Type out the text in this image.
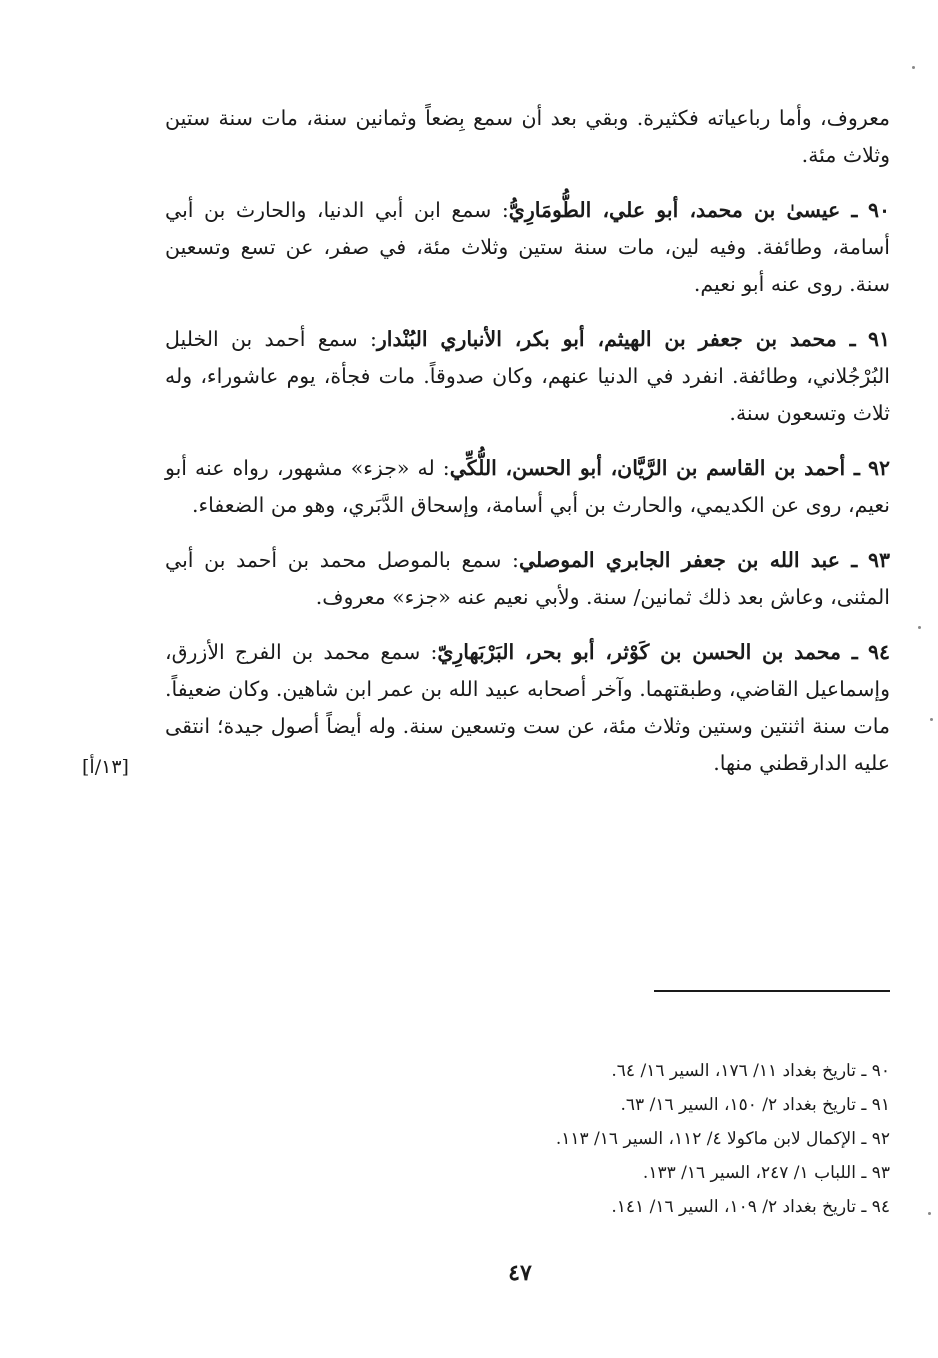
معروف، وأما رباعياته فكثيرة. وبقي بعد أن سمع بِضعاً وثمانين سنة، مات سنة ستين وثلاث مئة.

٩٠ ـ عيسىٰ بن محمد، أبو علي، الطُّومَارِيُّ: سمع ابن أبي الدنيا، والحارث بن أبي أسامة، وطائفة. وفيه لين، مات سنة ستين وثلاث مئة، في صفر، عن تسع وتسعين سنة. روى عنه أبو نعيم.

٩١ ـ محمد بن جعفر بن الهيثم، أبو بكر، الأنباري البُنْدار: سمع أحمد بن الخليل البُرْجُلاني، وطائفة. انفرد في الدنيا عنهم، وكان صدوقاً. مات فجأة، يوم عاشوراء، وله ثلاث وتسعون سنة.

٩٢ ـ أحمد بن القاسم بن الرَّيَّان، أبو الحسن، اللُّكِّي: له «جزء» مشهور، رواه عنه أبو نعيم، روى عن الكديمي، والحارث بن أبي أسامة، وإسحاق الدَّبَري، وهو من الضعفاء.

٩٣ ـ عبد الله بن جعفر الجابري الموصلي: سمع بالموصل محمد بن أحمد بن أبي المثنى، وعاش بعد ذلك ثمانين/ سنة. ولأبي نعيم عنه «جزء» معروف.

٩٤ ـ محمد بن الحسن بن كَوْثر، أبو بحر، البَرْبَهارِيّ: سمع محمد بن الفرج الأزرق، وإسماعيل القاضي، وطبقتهما. وآخر أصحابه عبيد الله بن عمر ابن شاهين. وكان ضعيفاً. مات سنة اثنتين وستين وثلاث مئة، عن ست وتسعين سنة. وله أيضاً أصول جيدة؛ انتقى عليه الدارقطني منها.

[١٣/أ]
٩٠ ـ تاريخ بغداد ١١/ ١٧٦، السير ١٦/ ٦٤.
٩١ ـ تاريخ بغداد ٢/ ١٥٠، السير ١٦/ ٦٣.
٩٢ ـ الإكمال لابن ماكولا ٤/ ١١٢، السير ١٦/ ١١٣.
٩٣ ـ اللباب ١/ ٢٤٧، السير ١٦/ ١٣٣.
٩٤ ـ تاريخ بغداد ٢/ ١٠٩، السير ١٦/ ١٤١.
٤٧
